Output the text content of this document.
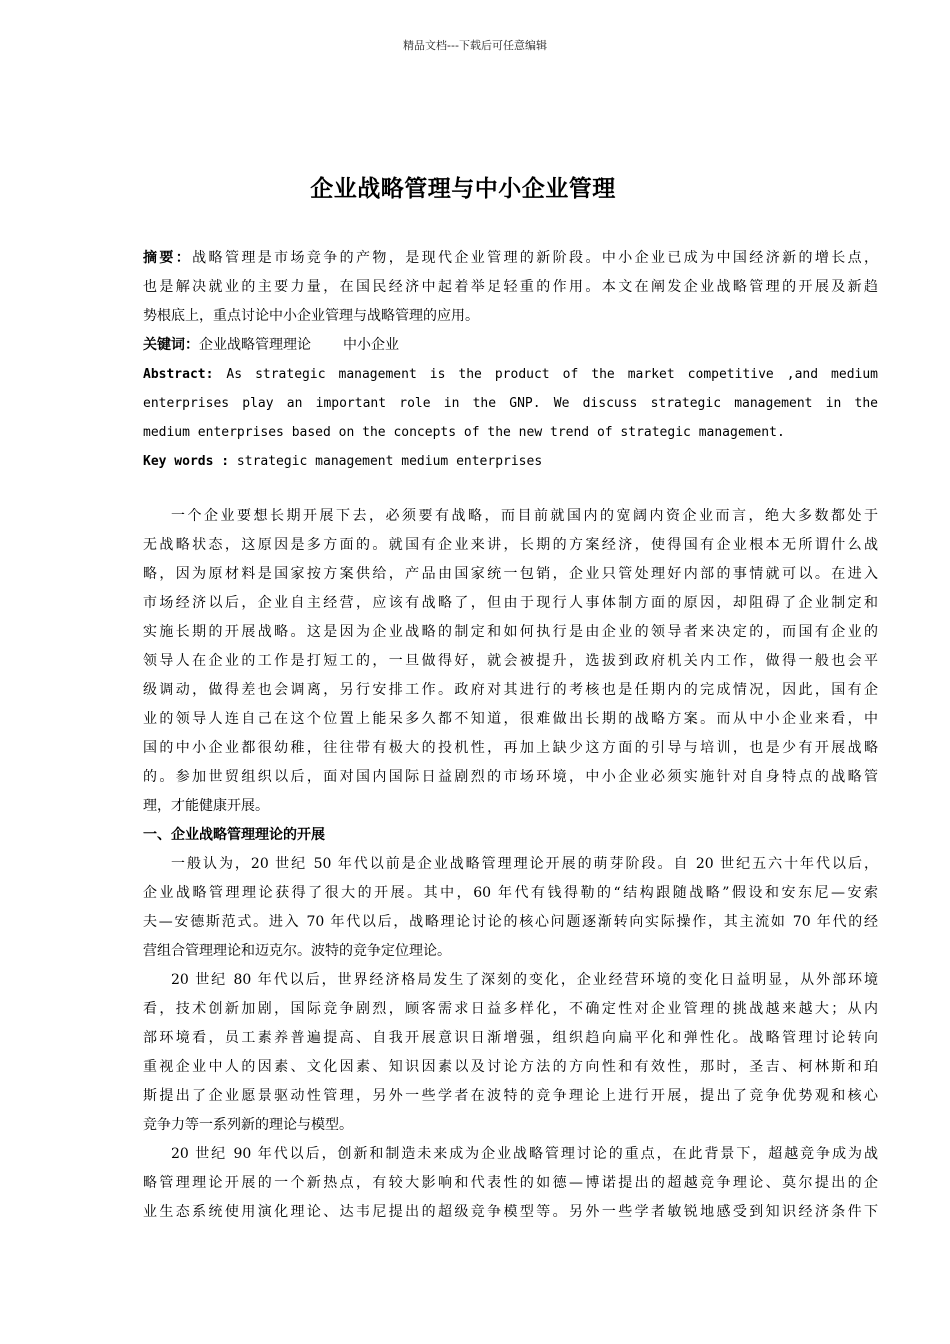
精品文档---下载后可任意编辑
企业战略管理与中小企业管理
摘要：战略管理是市场竞争的产物，是现代企业管理的新阶段。中小企业已成为中国经济新的增长点，
也是解决就业的主要力量，在国民经济中起着举足轻重的作用。本文在阐发企业战略管理的开展及新趋
势根底上，重点讨论中小企业管理与战略管理的应用。
关键词：企业战略管理理论 中小企业
Abstract: As strategic management is the product of the market competitive ,and medium
enterprises play an important role in the GNP. We discuss strategic management in the
medium enterprises based on the concepts of the new trend of strategic management.
Key words : strategic management medium enterprises
一个企业要想长期开展下去，必须要有战略，而目前就国内的宽阔内资企业而言，绝大多数都处于
无战略状态，这原因是多方面的。就国有企业来讲，长期的方案经济，使得国有企业根本无所谓什么战
略，因为原材料是国家按方案供给，产品由国家统一包销，企业只管处理好内部的事情就可以。在进入
市场经济以后，企业自主经营，应该有战略了，但由于现行人事体制方面的原因，却阻碍了企业制定和
实施长期的开展战略。这是因为企业战略的制定和如何执行是由企业的领导者来决定的，而国有企业的
领导人在企业的工作是打短工的，一旦做得好，就会被提升，选拔到政府机关内工作，做得一般也会平
级调动，做得差也会调离，另行安排工作。政府对其进行的考核也是任期内的完成情况，因此，国有企
业的领导人连自己在这个位置上能呆多久都不知道，很难做出长期的战略方案。而从中小企业来看，中
国的中小企业都很幼稚，往往带有极大的投机性，再加上缺少这方面的引导与培训，也是少有开展战略
的。参加世贸组织以后，面对国内国际日益剧烈的市场环境，中小企业必须实施针对自身特点的战略管
理，才能健康开展。
一、企业战略管理理论的开展
一般认为，20 世纪 50 年代以前是企业战略管理理论开展的萌芽阶段。自 20 世纪五六十年代以后，
企业战略管理理论获得了很大的开展。其中，60 年代有钱得勒的“结构跟随战略”假设和安东尼—安索
夫—安德斯范式。进入 70 年代以后，战略理论讨论的核心问题逐渐转向实际操作，其主流如 70 年代的经
营组合管理理论和迈克尔。波特的竞争定位理论。
20 世纪 80 年代以后，世界经济格局发生了深刻的变化，企业经营环境的变化日益明显，从外部环境
看，技术创新加剧，国际竞争剧烈，顾客需求日益多样化，不确定性对企业管理的挑战越来越大；从内
部环境看，员工素养普遍提高、自我开展意识日渐增强，组织趋向扁平化和弹性化。战略管理讨论转向
重视企业中人的因素、文化因素、知识因素以及讨论方法的方向性和有效性，那时，圣吉、柯林斯和珀
斯提出了企业愿景驱动性管理，另外一些学者在波特的竞争理论上进行开展，提出了竞争优势观和核心
竞争力等一系列新的理论与模型。
20 世纪 90 年代以后，创新和制造未来成为企业战略管理讨论的重点，在此背景下，超越竞争成为战
略管理理论开展的一个新热点，有较大影响和代表性的如德—博诺提出的超越竞争理论、莫尔提出的企
业生态系统使用演化理论、达韦尼提出的超级竞争模型等。另外一些学者敏锐地感受到知识经济条件下
